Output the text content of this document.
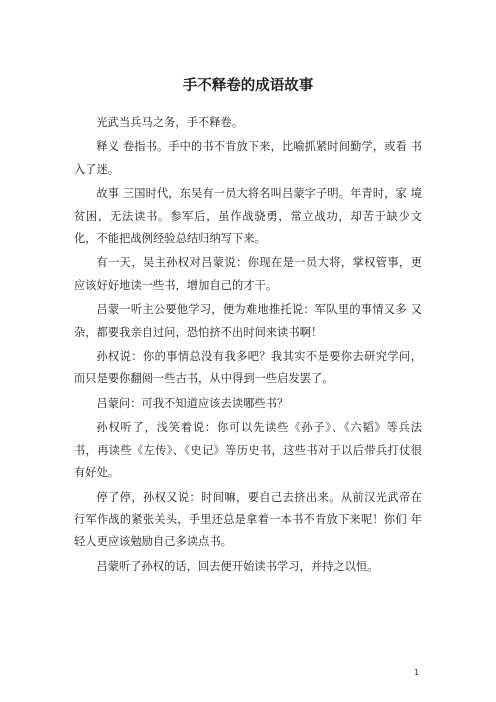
手不释卷的成语故事

光武当兵马之务，手不释卷。

释义 卷指书。手中的书不肯放下来，比喻抓紧时间勤学，或看 书入了迷。

故事 三国时代，东吴有一员大将名叫吕蒙字子明。年青时，家 境贫困，无法读书。参军后，虽作战骁勇，常立战功，却苦于缺少文 化，不能把战例经验总结归纳写下来。

有一天，吴主孙权对吕蒙说：你现在是一员大将，掌权管事，更应该好好地读一些书，增加自己的才干。

吕蒙一听主公要他学习，便为难地推托说：军队里的事情又多 又杂，都要我亲自过问，恐怕挤不出时间来读书啊！

孙权说：你的事情总没有我多吧？我其实不是要你去研究学问，而只是要你翻阅一些古书，从中得到一些启发罢了。

吕蒙问：可我不知道应该去读哪些书？

孙权听了，浅笑着说：你可以先读些《孙子》、《六韬》等兵法书，再读些《左传》、《史记》等历史书，这些书对于以后带兵打仗很有好处。

停了停，孙权又说：时间嘛，要自己去挤出来。从前汉光武帝在行军作战的紧张关头，手里还总是拿着一本书不肯放下来呢！你们 年轻人更应该勉励自己多读点书。

吕蒙听了孙权的话，回去便开始读书学习，并持之以恒。

1
